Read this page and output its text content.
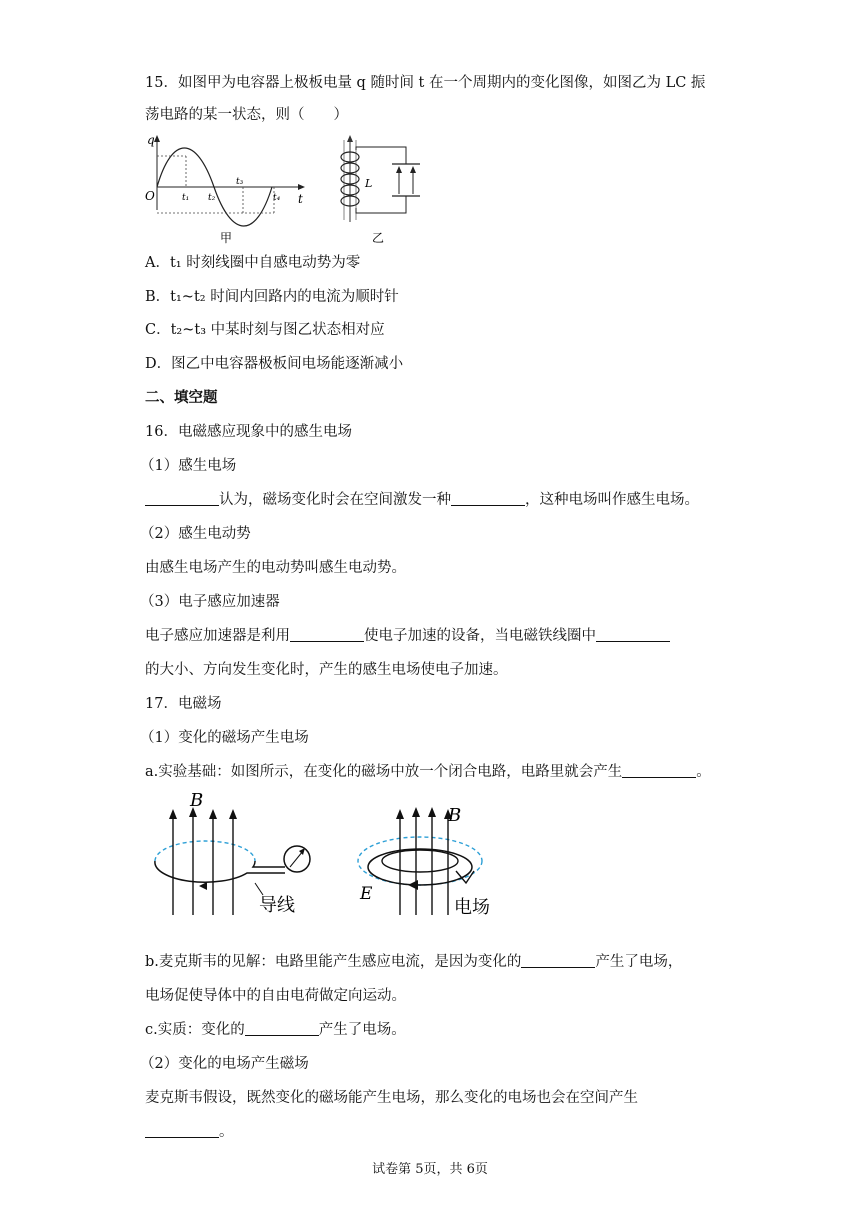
15．如图甲为电容器上极板电量 q 随时间 t 在一个周期内的变化图像，如图乙为 LC 振
荡电路的某一状态，则（　　）
q
t
O	t₁ t₂
t₃
t₄
甲
L
乙
A．t₁ 时刻线圈中自感电动势为零
B．t₁~t₂ 时间内回路内的电流为顺时针
C．t₂~t₃ 中某时刻与图乙状态相对应
D．图乙中电容器极板间电场能逐渐减小
二、填空题
16．电磁感应现象中的感生电场
（1）感生电场
认为，磁场变化时会在空间激发一种	，这种电场叫作感生电场。
（2）感生电动势
由感生电场产生的电动势叫感生电动势。
（3）电子感应加速器
电子感应加速器是利用	使电子加速的设备，当电磁铁线圈中
的大小、方向发生变化时，产生的感生电场使电子加速。
17．电磁场
（1）变化的磁场产生电场
a.实验基础：如图所示，在变化的磁场中放一个闭合电路，电路里就会产生	。
B
导线
B
E
电场
b.麦克斯韦的见解：电路里能产生感应电流，是因为变化的	产生了电场，
电场促使导体中的自由电荷做定向运动。
c.实质：变化的	产生了电场。
（2）变化的电场产生磁场
麦克斯韦假设，既然变化的磁场能产生电场，那么变化的电场也会在空间产生
。
试卷第 5页，共 6页
